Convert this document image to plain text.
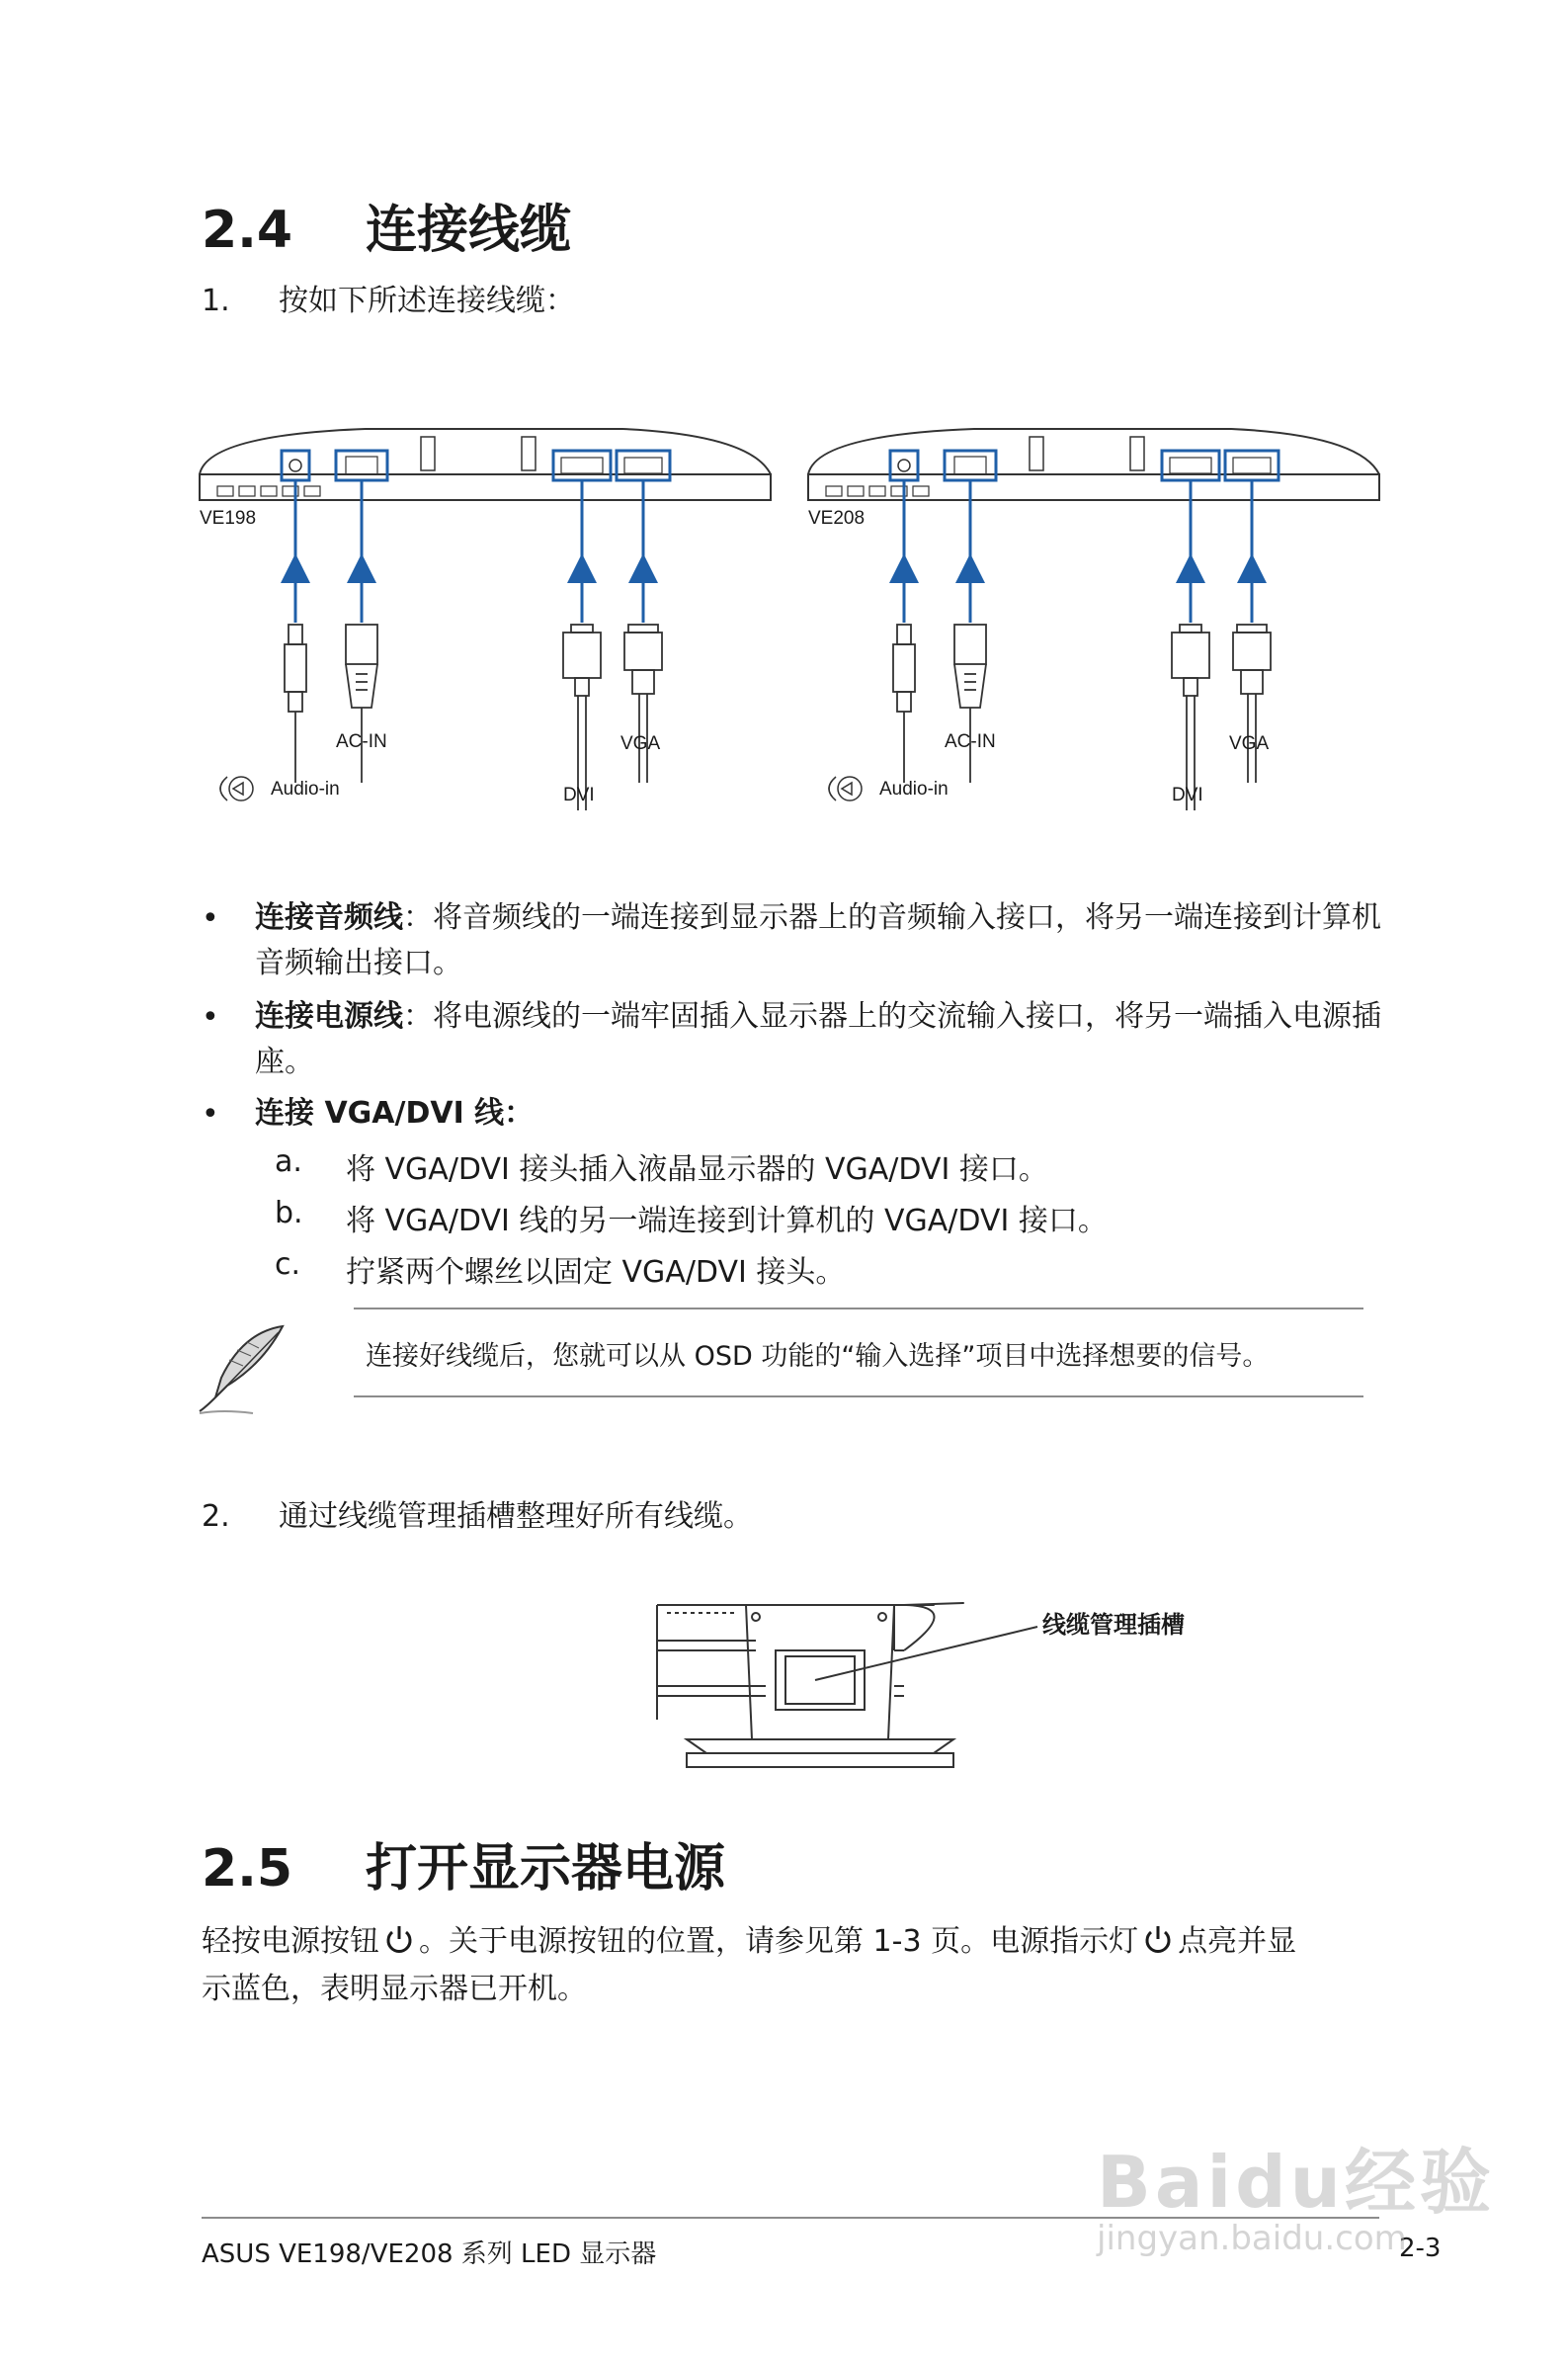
2.4 连接线缆
1. 按如下所述连接线缆：
VE198
AC-IN	VGA
Audio-in	DVI
VE208
AC-IN	VGA
Audio-in	DVI
• 连接音频线：将音频线的一端连接到显示器上的音频输入接口，将另一端连接到计算机音频输出接口。
• 连接电源线：将电源线的一端牢固插入显示器上的交流输入接口，将另一端插入电源插座。
• 连接 VGA/DVI 线：
a. 将 VGA/DVI 接头插入液晶显示器的 VGA/DVI 接口。
b. 将 VGA/DVI 线的另一端连接到计算机的 VGA/DVI 接口。
c. 拧紧两个螺丝以固定 VGA/DVI 接头。
连接好线缆后，您就可以从 OSD 功能的“输入选择”项目中选择想要的信号。
2. 通过线缆管理插槽整理好所有线缆。
线缆管理插槽
2.5 打开显示器电源
轻按电源按钮 。关于电源按钮的位置，请参见第 1-3 页。电源指示灯 点亮并显
示蓝色，表明显示器已开机。
ASUS VE198/VE208 系列 LED 显示器	2-3
Baidu经验
jingyan.baidu.com
